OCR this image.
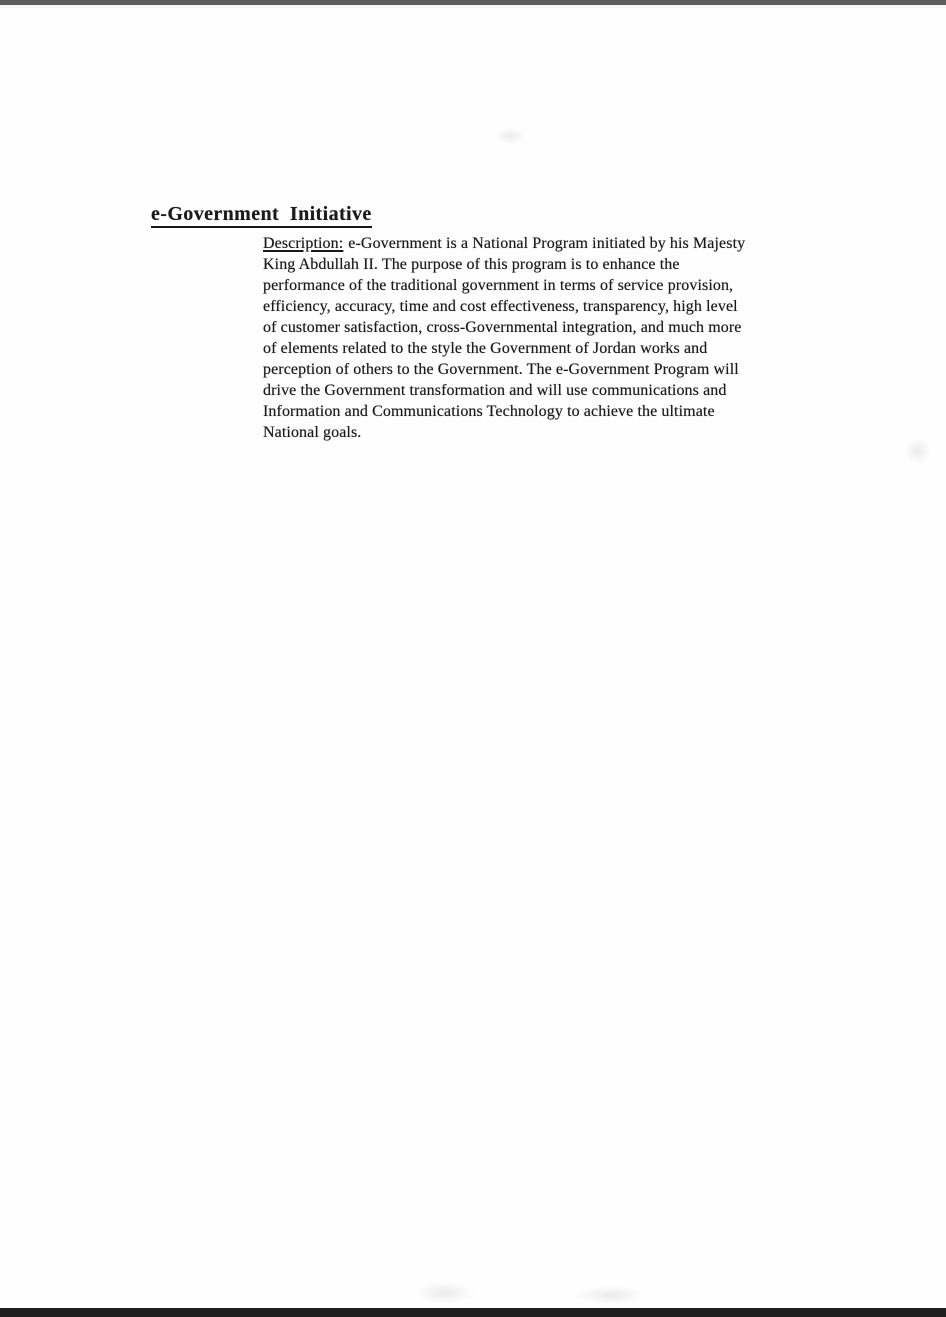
e-Government  Initiative
Description: e-Government is a National Program initiated by his Majesty
King Abdullah II. The purpose of this program is to enhance the
performance of the traditional government in terms of service provision,
efficiency, accuracy, time and cost effectiveness, transparency, high level
of customer satisfaction, cross-Governmental integration, and much more
of elements related to the style the Government of Jordan works and
perception of others to the Government. The e-Government Program will
drive the Government transformation and will use communications and
Information and Communications Technology to achieve the ultimate
National goals.
